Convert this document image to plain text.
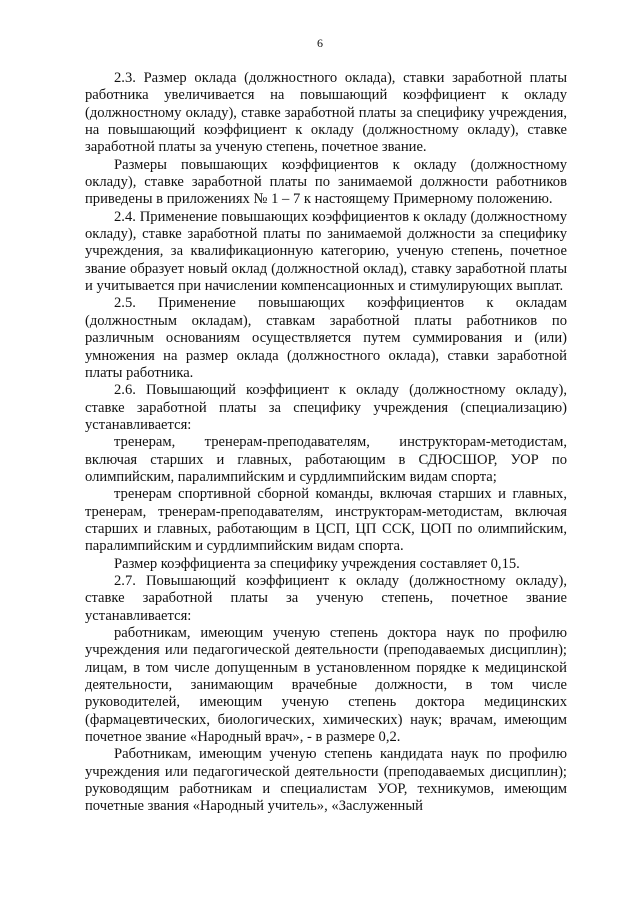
6

2.3. Размер оклада (должностного оклада), ставки заработной платы работника увеличивается на повышающий коэффициент к окладу (должностному окладу), ставке заработной платы за специфику учреждения, на повышающий коэффициент к окладу (должностному окладу), ставке заработной платы за ученую степень, почетное звание.

Размеры повышающих коэффициентов к окладу (должностному окладу), ставке заработной платы по занимаемой должности работников приведены в приложениях № 1 – 7 к настоящему Примерному положению.

2.4. Применение повышающих коэффициентов к окладу (должностному окладу), ставке заработной платы по занимаемой должности за специфику учреждения, за квалификационную категорию, ученую степень, почетное звание образует новый оклад (должностной оклад), ставку заработной платы и учитывается при начислении компенсационных и стимулирующих выплат.

2.5. Применение повышающих коэффициентов к окладам (должностным окладам), ставкам заработной платы работников по различным основаниям осуществляется путем суммирования и (или) умножения на размер оклада (должностного оклада), ставки заработной платы работника.

2.6. Повышающий коэффициент к окладу (должностному окладу), ставке заработной платы за специфику учреждения (специализацию) устанавливается:

тренерам, тренерам-преподавателям, инструкторам-методистам, включая старших и главных, работающим в СДЮСШОР, УОР по олимпийским, паралимпийским и сурдлимпийским видам спорта;

тренерам спортивной сборной команды, включая старших и главных, тренерам, тренерам-преподавателям, инструкторам-методистам, включая старших и главных, работающим в ЦСП, ЦП ССК, ЦОП по олимпийским, паралимпийским и сурдлимпийским видам спорта.

Размер коэффициента за специфику учреждения составляет 0,15.

2.7. Повышающий коэффициент к окладу (должностному окладу), ставке заработной платы за ученую степень, почетное звание устанавливается:

работникам, имеющим ученую степень доктора наук по профилю учреждения или педагогической деятельности (преподаваемых дисциплин); лицам, в том числе допущенным в установленном порядке к медицинской деятельности, занимающим врачебные должности, в том числе руководителей, имеющим ученую степень доктора медицинских (фармацевтических, биологических, химических) наук; врачам, имеющим почетное звание «Народный врач», - в размере 0,2.

Работникам, имеющим ученую степень кандидата наук по профилю учреждения или педагогической деятельности (преподаваемых дисциплин); руководящим работникам и специалистам УОР, техникумов, имеющим почетные звания «Народный учитель», «Заслуженный
